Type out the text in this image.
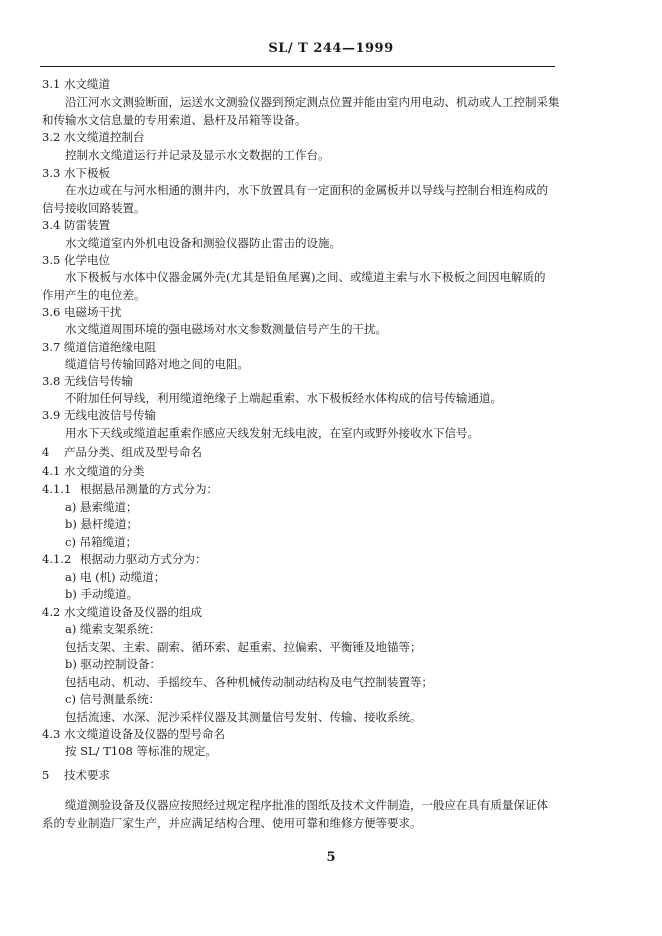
SL/ T 244—1999
3.1 水文缆道
沿江河水文测验断面，运送水文测验仪器到预定测点位置并能由室内用电动、机动或人工控制采集
和传输水文信息量的专用索道、悬杆及吊箱等设备。
3.2 水文缆道控制台
控制水文缆道运行并记录及显示水文数据的工作台。
3.3 水下极板
在水边或在与河水相通的测井内，水下放置具有一定面积的金属板并以导线与控制台相连构成的
信号接收回路装置。
3.4 防雷装置
水文缆道室内外机电设备和测验仪器防止雷击的设施。
3.5 化学电位
水下极板与水体中仪器金属外壳(尤其是铅鱼尾翼)之间、或缆道主索与水下极板之间因电解质的
作用产生的电位差。
3.6 电磁场干扰
水文缆道周围环境的强电磁场对水文参数测量信号产生的干扰。
3.7 缆道信道绝缘电阻
缆道信号传输回路对地之间的电阻。
3.8 无线信号传输
不附加任何导线，利用缆道绝缘子上端起重索、水下极板经水体构成的信号传输通道。
3.9 无线电波信号传输
用水下天线或缆道起重索作感应天线发射无线电波，在室内或野外接收水下信号。
4 产品分类、组成及型号命名
4.1 水文缆道的分类
4.1.1 根据悬吊测量的方式分为：
a) 悬索缆道；
b) 悬杆缆道；
c) 吊箱缆道；
4.1.2 根据动力驱动方式分为：
a) 电 (机) 动缆道；
b) 手动缆道。
4.2 水文缆道设备及仪器的组成
a) 缆索支架系统：
包括支架、主索、副索、循环索、起重索、拉偏索、平衡锤及地锚等；
b) 驱动控制设备：
包括电动、机动、手摇绞车、各种机械传动制动结构及电气控制装置等；
c) 信号测量系统：
包括流速、水深、泥沙采样仪器及其测量信号发射、传输、接收系统。
4.3 水文缆道设备及仪器的型号命名
按 SL/ T108 等标准的规定。
5 技术要求
缆道测验设备及仪器应按照经过规定程序批准的图纸及技术文件制造，一般应在具有质量保证体
系的专业制造厂家生产，并应满足结构合理、使用可靠和维修方便等要求。
5
